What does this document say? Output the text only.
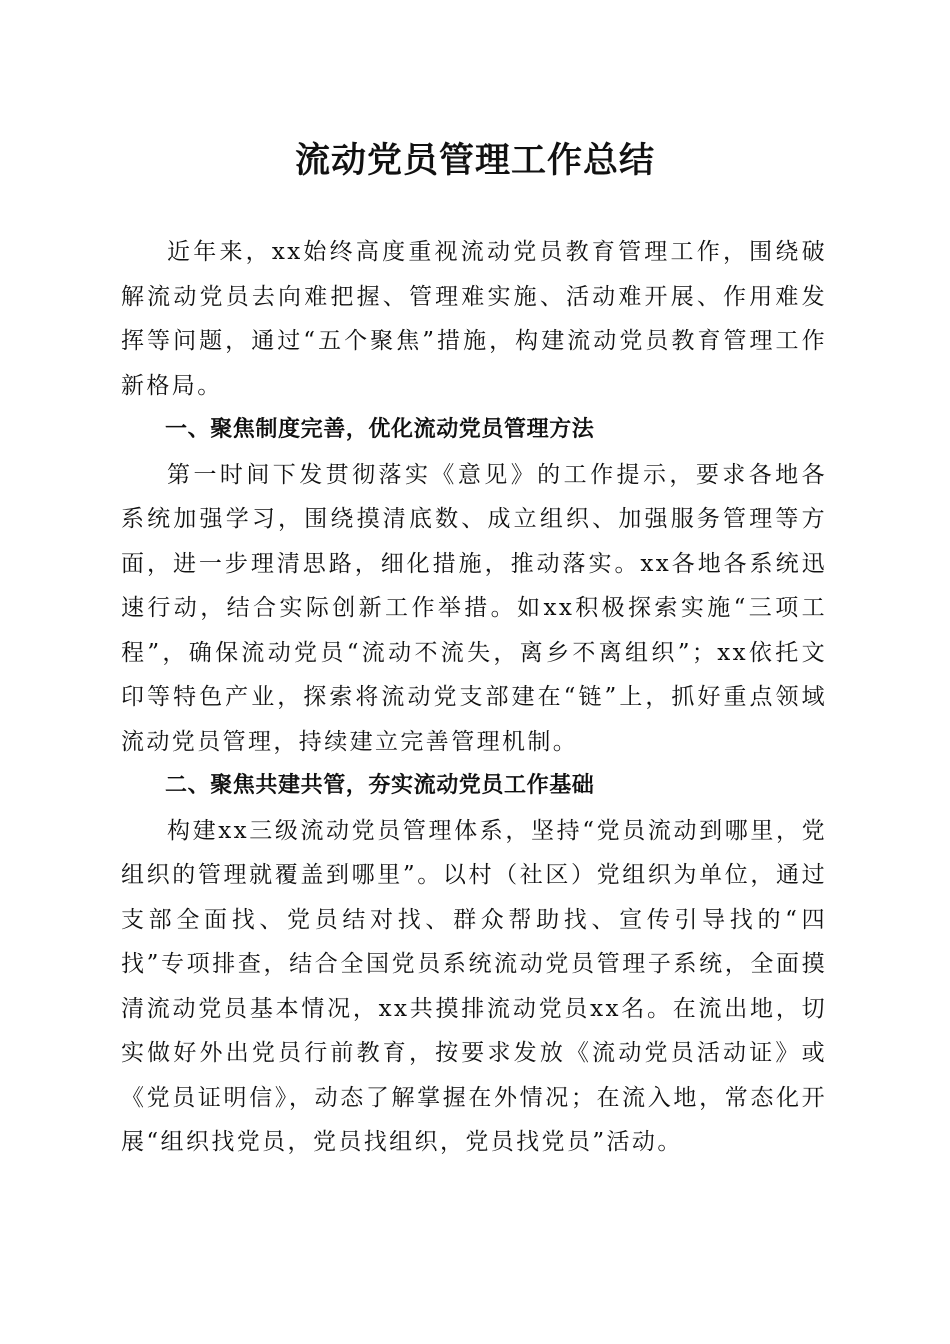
流动党员管理工作总结

近年来，xx始终高度重视流动党员教育管理工作，围绕破解流动党员去向难把握、管理难实施、活动难开展、作用难发挥等问题，通过“五个聚焦”措施，构建流动党员教育管理工作新格局。

一、聚焦制度完善，优化流动党员管理方法

第一时间下发贯彻落实《意见》的工作提示，要求各地各系统加强学习，围绕摸清底数、成立组织、加强服务管理等方面，进一步理清思路，细化措施，推动落实。xx各地各系统迅速行动，结合实际创新工作举措。如xx积极探索实施“三项工程”，确保流动党员“流动不流失，离乡不离组织”；xx依托文印等特色产业，探索将流动党支部建在“链”上，抓好重点领域流动党员管理，持续建立完善管理机制。

二、聚焦共建共管，夯实流动党员工作基础

构建xx三级流动党员管理体系，坚持“党员流动到哪里，党组织的管理就覆盖到哪里”。以村（社区）党组织为单位，通过支部全面找、党员结对找、群众帮助找、宣传引导找的“四找”专项排查，结合全国党员系统流动党员管理子系统，全面摸清流动党员基本情况，xx共摸排流动党员xx名。在流出地，切实做好外出党员行前教育，按要求发放《流动党员活动证》或《党员证明信》，动态了解掌握在外情况；在流入地，常态化开展“组织找党员，党员找组织，党员找党员”活动。
